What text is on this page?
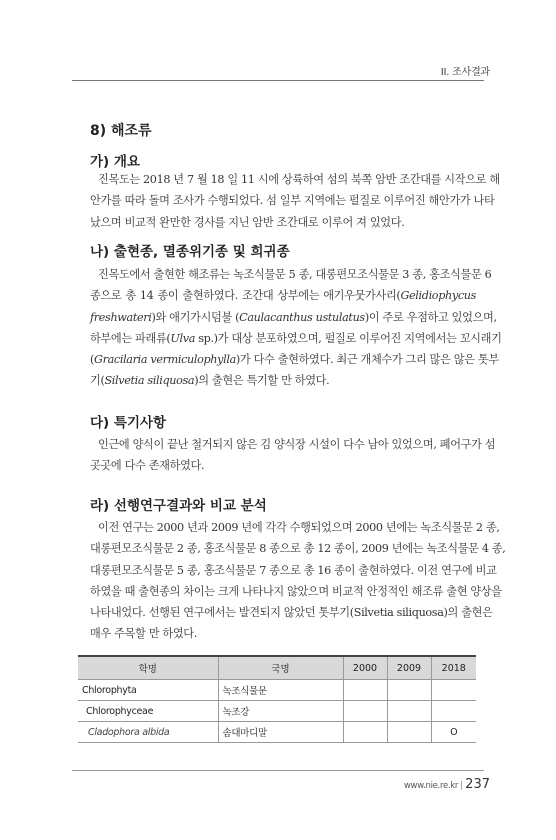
II. 조사결과
8) 해조류
가) 개요
진목도는 2018 년 7 월 18 일 11 시에 상륙하여 섬의 북쪽 암반 조간대를 시작으로 해
안가를 따라 돌며 조사가 수행되었다. 섬 일부 지역에는 펄질로 이루어진 해안가가 나타
났으며 비교적 완만한 경사를 지닌 암반 조간대로 이루어 져 있었다.
나) 출현종, 멸종위기종 및 희귀종
진목도에서 출현한 해조류는 녹조식물문 5 종, 대롱편모조식물문 3 종, 홍조식물문 6
종으로 총 14 종이 출현하였다. 조간대 상부에는 애기우뭇가사리(Gelidiophycus
freshwateri)와 애기가시덤불 (Caulacanthus ustulatus)이 주로 우점하고 있었으며,
하부에는 파래류(Ulva sp.)가 대상 분포하였으며, 펄질로 이루어진 지역에서는 꼬시래기
(Gracilaria vermiculophylla)가 다수 출현하였다. 최근 개체수가 그리 많은 않은 톳부
기(Silvetia siliquosa)의 출현은 특기할 만 하였다.
다) 특기사항
인근에 양식이 끝난 철거되지 않은 김 양식장 시설이 다수 남아 있었으며, 폐어구가 섬
곳곳에 다수 존재하였다.
라) 선행연구결과와 비교 분석
이전 연구는 2000 년과 2009 년에 각각 수행되었으며 2000 년에는 녹조식물문 2 종,
대롱편모조식물문 2 종, 홍조식물문 8 종으로 총 12 종이, 2009 년에는 녹조식물문 4 종,
대롱편모조식물문 5 종, 홍조식물문 7 종으로 총 16 종이 출현하였다. 이전 연구에 비교
하였을 때 출현종의 차이는 크게 나타나지 않았으며 비교적 안정적인 해조류 출현 양상을
나타내었다. 선행된 연구에서는 발견되지 않았던 톳부기(Silvetia siliquosa)의 출현은
매우 주목할 만 하였다.
학명	국명	2000	2009	2018
Chlorophyta	녹조식물문			
Chlorophyceae	녹조강			
Cladophora albida	솜대마디말			O
www.nie.re.kr | 237
